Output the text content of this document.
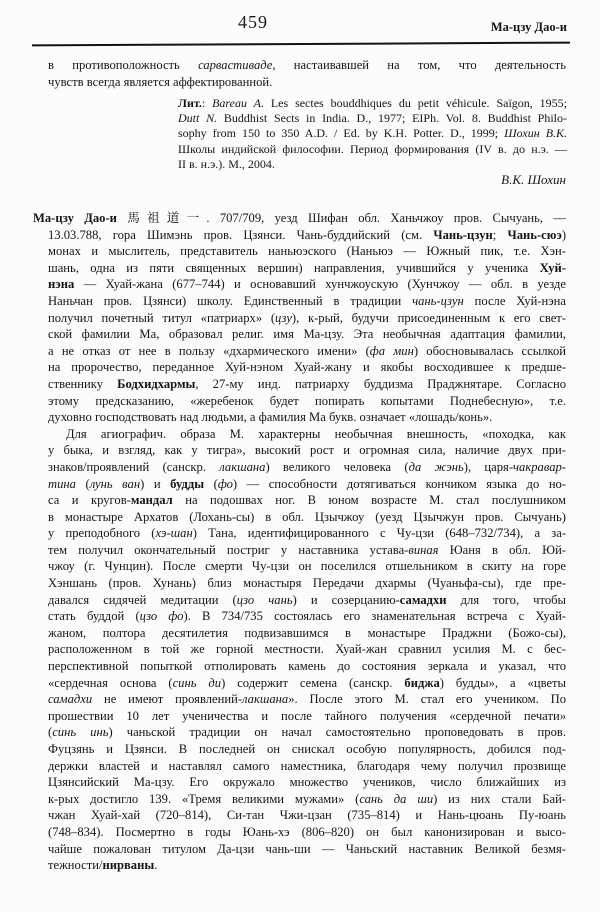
459	Ма-цзу Дао-и
в противоположность сарвастиваде, настаивавшей на том, что деятельность
чувств всегда является аффектированной.
Лит.: Bareau A. Les sectes bouddhiques du petit véhicule. Saïgon, 1955;
Dutt N. Buddhist Sects in India. D., 1977; EIPh. Vol. 8. Buddhist Philo-
sophy from 150 to 350 A.D. / Ed. by K.H. Potter. D., 1999; Шохин В.К.
Школы индийской философии. Период формирования (IV в. до н.э. —
II в. н.э.). М., 2004.
В.К. Шохин
Ма-цзу Дао-и 馬祖道一. 707/709, уезд Шифан обл. Ханьчжоу пров. Сычуань, —
13.03.788, гора Шимэнь пров. Цзянси. Чань-буддийский (см. Чань-цзун; Чань-сюэ)
монах и мыслитель, представитель наньюэского (Наньюэ — Южный пик, т.е. Хэн-
шань, одна из пяти священных вершин) направления, учившийся у ученика Хуй-
нэна — Хуай-жана (677–744) и основавший хунчжоускую (Хунчжоу — обл. в уезде
Наньчан пров. Цзянси) школу. Единственный в традиции чань-цзун после Хуй-нэна
получил почетный титул «патриарх» (цзу), к-рый, будучи присоединенным к его свет-
ской фамилии Ма, образовал религ. имя Ма-цзу. Эта необычная адаптация фамилии,
а не отказ от нее в пользу «дхармического имени» (фа мин) обосновывалась ссылкой
на пророчество, переданное Хуй-нэном Хуай-жану и якобы восходившее к предше-
ственнику Бодхидхармы, 27-му инд. патриарху буддизма Праджнятаре. Согласно
этому предсказанию, «жеребенок будет попирать копытами Поднебесную», т.е.
духовно господствовать над людьми, а фамилия Ма букв. означает «лошадь/конь».
Для агиографич. образа М. характерны необычная внешность, «походка, как
у быка, и взгляд, как у тигра», высокий рост и огромная сила, наличие двух при-
знаков/проявлений (санскр. лакшана) великого человека (да жэнь), царя-чакравар-
тина (лунь ван) и будды (фо) — способности дотягиваться кончиком языка до но-
са и кругов-мандал на подошвах ног. В юном возрасте М. стал послушником
в монастыре Архатов (Лохань-сы) в обл. Цзычжоу (уезд Цзычжун пров. Сычуань)
у преподобного (хэ-шан) Тана, идентифицированного с Чу-цзи (648–732/734), а за-
тем получил окончательный постриг у наставника устава-виная Юаня в обл. Юй-
чжоу (г. Чунцин). После смерти Чу-цзи он поселился отшельником в скиту на горе
Хэншань (пров. Хунань) близ монастыря Передачи дхармы (Чуаньфа-сы), где пре-
давался сидячей медитации (цзо чань) и созерцанию-самадхи для того, чтобы
стать буддой (цзо фо). В 734/735 состоялась его знаменательная встреча с Хуай-
жаном, полтора десятилетия подвизавшимся в монастыре Праджни (Божо-сы),
расположенном в той же горной местности. Хуай-жан сравнил усилия М. с бес-
перспективной попыткой отполировать камень до состояния зеркала и указал, что
«сердечная основа (синь ди) содержит семена (санскр. биджа) будды», а «цветы
самадхи не имеют проявлений-лакшана». После этого М. стал его учеником. По
прошествии 10 лет ученичества и после тайного получения «сердечной печати»
(синь инь) чаньской традиции он начал самостоятельно проповедовать в пров.
Фуцзянь и Цзянси. В последней он снискал особую популярность, добился под-
держки властей и наставлял самого наместника, благодаря чему получил прозвище
Цзянсийский Ма-цзу. Его окружало множество учеников, число ближайших из
к-рых достигло 139. «Тремя великими мужами» (сань да ши) из них стали Бай-
чжан Хуай-хай (720–814), Си-тан Чжи-цзан (735–814) и Нань-цюань Пу-юань
(748–834). Посмертно в годы Юань-хэ (806–820) он был канонизирован и высо-
чайше пожалован титулом Да-цзи чань-ши — Чаньский наставник Великой безмя-
тежности/нирваны.
